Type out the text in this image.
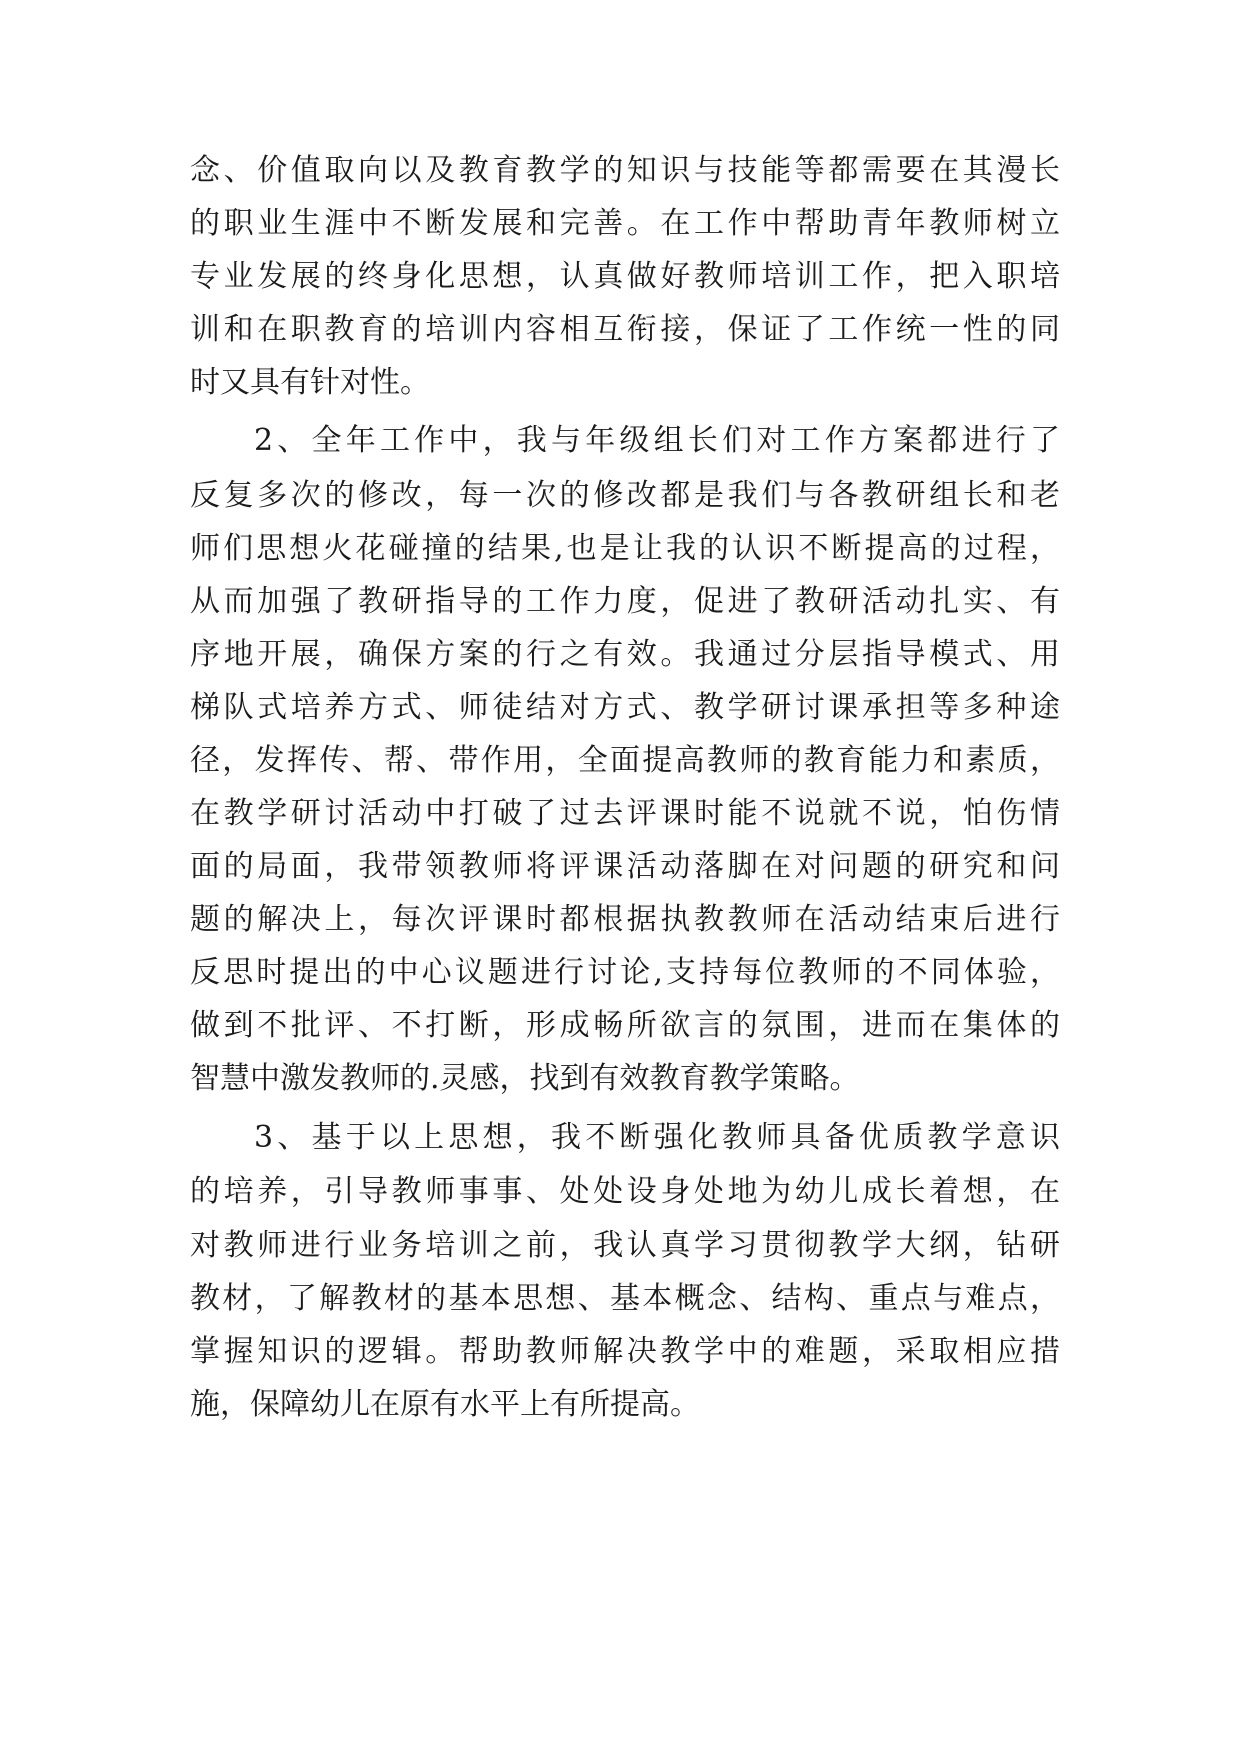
念、价值取向以及教育教学的知识与技能等都需要在其漫长
的职业生涯中不断发展和完善。在工作中帮助青年教师树立
专业发展的终身化思想，认真做好教师培训工作，把入职培
训和在职教育的培训内容相互衔接，保证了工作统一性的同
时又具有针对性。
2、全年工作中，我与年级组长们对工作方案都进行了
反复多次的修改，每一次的修改都是我们与各教研组长和老
师们思想火花碰撞的结果,也是让我的认识不断提高的过程，
从而加强了教研指导的工作力度，促进了教研活动扎实、有
序地开展，确保方案的行之有效。我通过分层指导模式、用
梯队式培养方式、师徒结对方式、教学研讨课承担等多种途
径，发挥传、帮、带作用，全面提高教师的教育能力和素质，
在教学研讨活动中打破了过去评课时能不说就不说，怕伤情
面的局面，我带领教师将评课活动落脚在对问题的研究和问
题的解决上，每次评课时都根据执教教师在活动结束后进行
反思时提出的中心议题进行讨论,支持每位教师的不同体验，
做到不批评、不打断，形成畅所欲言的氛围，进而在集体的
智慧中激发教师的.灵感，找到有效教育教学策略。
3、基于以上思想，我不断强化教师具备优质教学意识
的培养，引导教师事事、处处设身处地为幼儿成长着想，在
对教师进行业务培训之前，我认真学习贯彻教学大纲，钻研
教材，了解教材的基本思想、基本概念、结构、重点与难点，
掌握知识的逻辑。帮助教师解决教学中的难题，采取相应措
施，保障幼儿在原有水平上有所提高。
